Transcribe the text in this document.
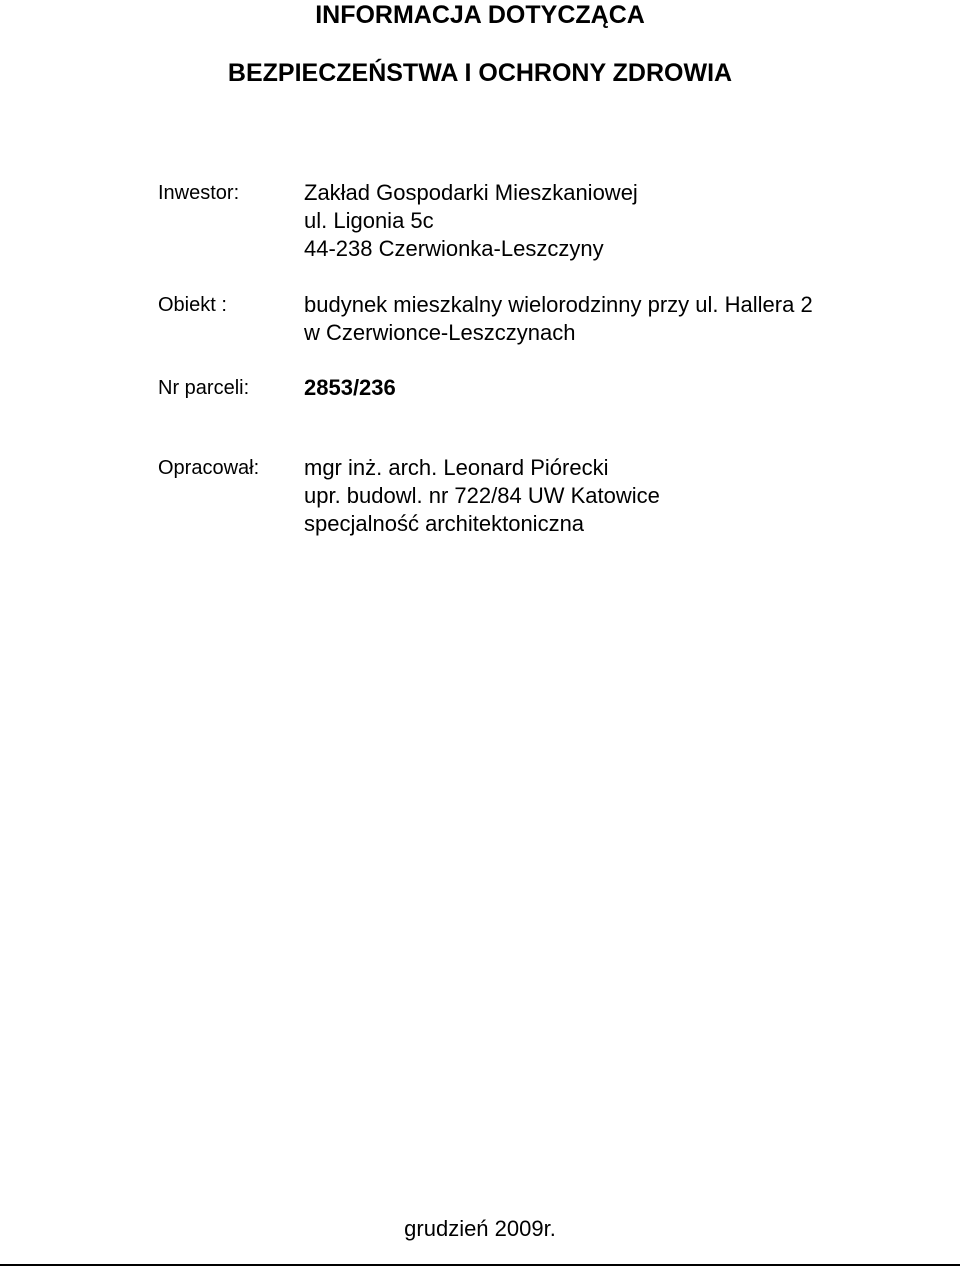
INFORMACJA DOTYCZĄCA
BEZPIECZEŃSTWA I OCHRONY ZDROWIA
Inwestor:	Zakład Gospodarki Mieszkaniowej
ul. Ligonia 5c
44-238 Czerwionka-Leszczyny
Obiekt :	budynek mieszkalny wielorodzinny przy ul. Hallera 2
w Czerwionce-Leszczynach
Nr parceli: 2853/236
Opracował: mgr inż. arch. Leonard Piórecki
upr. budowl. nr 722/84 UW Katowice
specjalność architektoniczna
grudzień 2009r.
